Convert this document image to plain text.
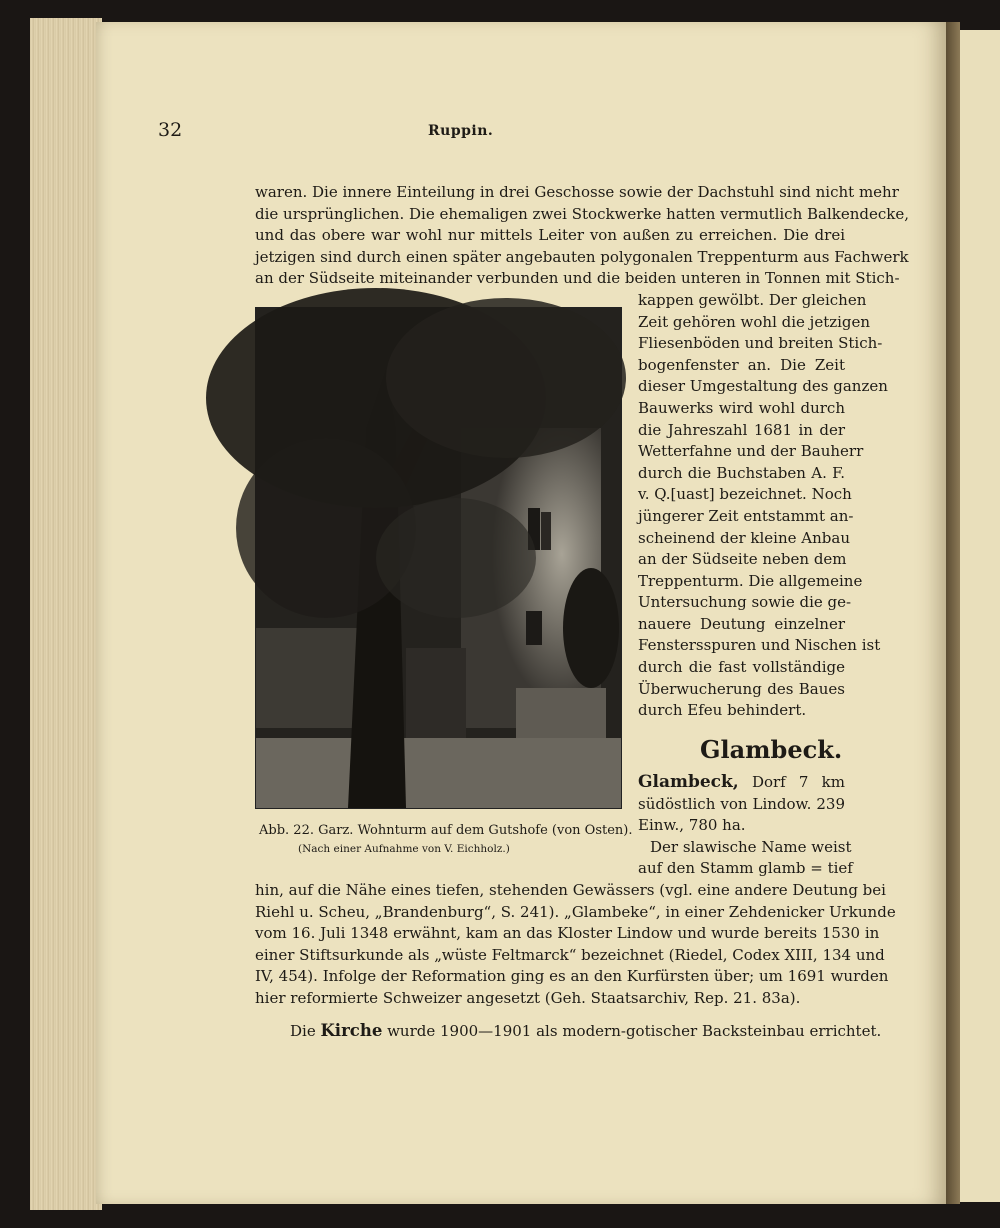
32	Ruppin.
waren. Die innere Einteilung in drei Geschosse sowie der Dachstuhl sind nicht mehr
die ursprünglichen. Die ehemaligen zwei Stockwerke hatten vermutlich Balkendecke,
und das obere war wohl nur mittels Leiter von außen zu erreichen. Die drei
jetzigen sind durch einen später angebauten polygonalen Treppenturm aus Fachwerk
an der Südseite miteinander verbunden und die beiden unteren in Tonnen mit Stich-
kappen gewölbt. Der gleichen
Zeit gehören wohl die jetzigen
Fliesenböden und breiten Stich-
bogenfenster an. Die Zeit
dieser Umgestaltung des ganzen
Bauwerks wird wohl durch
die Jahreszahl 1681 in der
Wetterfahne und der Bauherr
durch die Buchstaben A. F.
v. Q.[uast] bezeichnet. Noch
jüngerer Zeit entstammt an-
scheinend der kleine Anbau
an der Südseite neben dem
Treppenturm. Die allgemeine
Untersuchung sowie die ge-
nauere Deutung einzelner
Fenstersspuren und Nischen ist
durch die fast vollständige
Überwucherung des Baues
durch Efeu behindert.
Abb. 22. Garz. Wohnturm auf dem Gutshofe (von Osten).
(Nach einer Aufnahme von V. Eichholz.)
Glambeck.
Glambeck, Dorf 7 km
südöstlich von Lindow. 239
Einw., 780 ha.
Der slawische Name weist
auf den Stamm glamb = tief
hin, auf die Nähe eines tiefen, stehenden Gewässers (vgl. eine andere Deutung bei
Riehl u. Scheu, „Brandenburg“, S. 241). „Glambeke“, in einer Zehdenicker Urkunde
vom 16. Juli 1348 erwähnt, kam an das Kloster Lindow und wurde bereits 1530 in
einer Stiftsurkunde als „wüste Feltmarck“ bezeichnet (Riedel, Codex XIII, 134 und
IV, 454). Infolge der Reformation ging es an den Kurfürsten über; um 1691 wurden
hier reformierte Schweizer angesetzt (Geh. Staatsarchiv, Rep. 21. 83a).
Die Kirche wurde 1900—1901 als modern-gotischer Backsteinbau errichtet.
